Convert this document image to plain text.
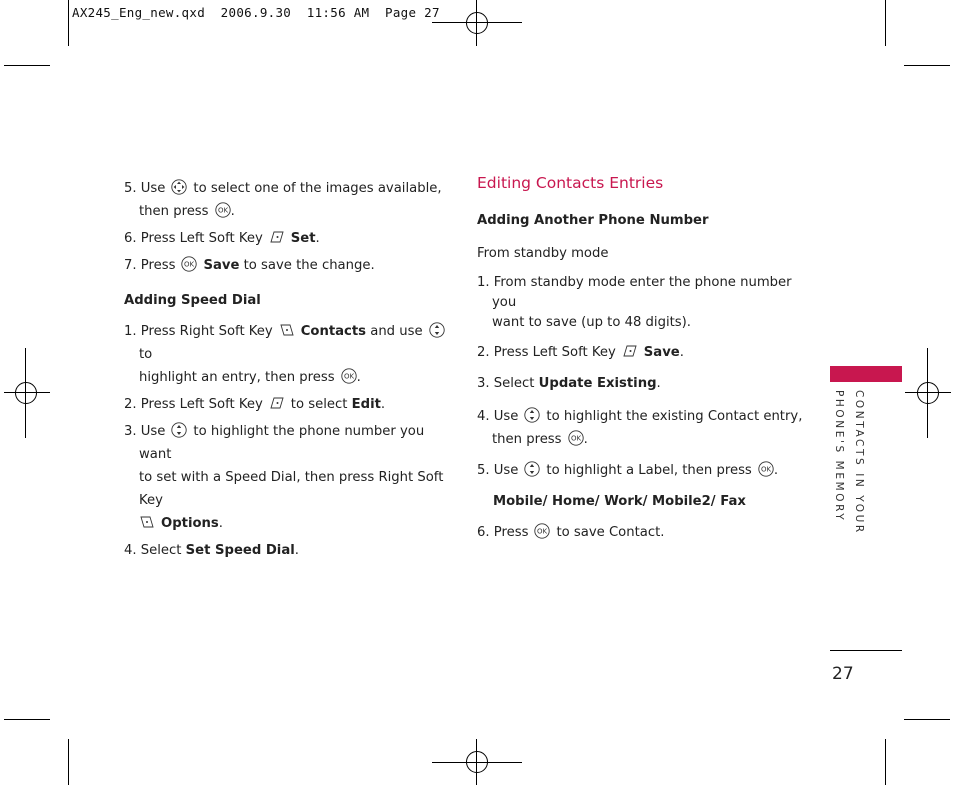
AX245_Eng_new.qxd  2006.9.30  11:56 AM  Page 27

5. Use to select one of the images available,
then press OK .

6. Press Left Soft Key Set.

7. Press OK Save to save the change.

Adding Speed Dial

1. Press Right Soft Key Contacts and use
to
highlight an entry, then press OK .

2. Press Left Soft Key to select Edit.

3. Use to highlight the phone number you want
to set with a Speed Dial, then press Right Soft Key

Options.

4. Select Set Speed Dial.

Editing Contacts Entries

Adding Another Phone Number

From standby mode

1. From standby mode enter the phone number you
want to save (up to 48 digits).

2. Press Left Soft Key Save.

3. Select Update Existing.

4. Use to highlight the existing Contact entry,
then press OK .

5. Use to highlight a Label, then press OK .

Mobile/ Home/ Work/ Mobile2/ Fax

6. Press OK to save Contact.	CONTACTS IN YOUR
PHONE'S MEMORY
27
